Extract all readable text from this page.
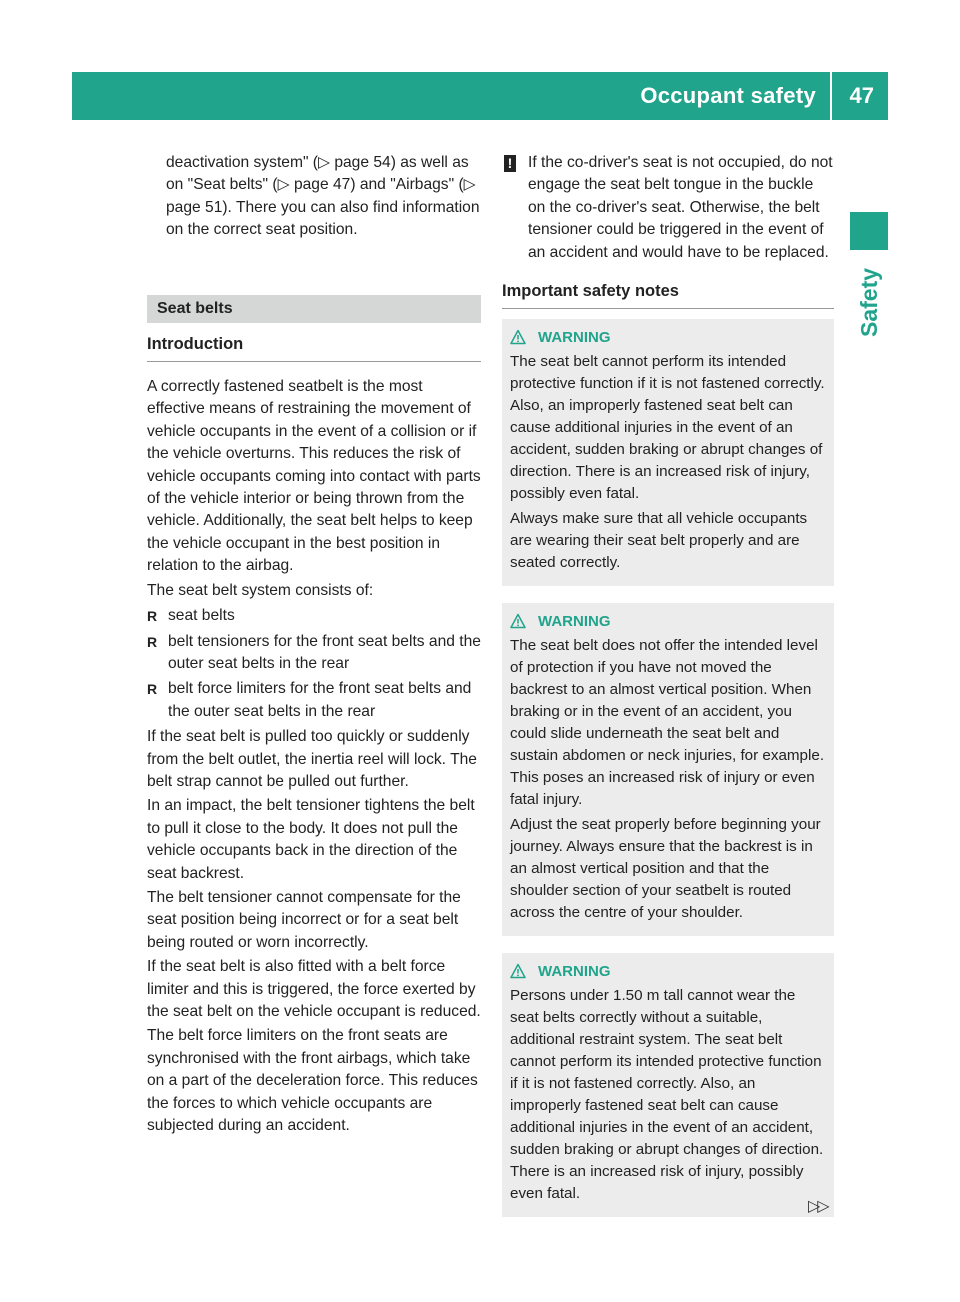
Occupant safety 47
Safety

deactivation system" (▷ page 54) as well as on "Seat belts" (▷ page 47) and "Airbags" (▷ page 51). There you can also find information on the correct seat position.

Seat belts
Introduction

A correctly fastened seatbelt is the most effective means of restraining the movement of vehicle occupants in the event of a collision or if the vehicle overturns. This reduces the risk of vehicle occupants coming into contact with parts of the vehicle interior or being thrown from the vehicle. Additionally, the seat belt helps to keep the vehicle occupant in the best position in relation to the airbag.

The seat belt system consists of:

R seat belts
R belt tensioners for the front seat belts and the outer seat belts in the rear
R belt force limiters for the front seat belts and the outer seat belts in the rear

If the seat belt is pulled too quickly or suddenly from the belt outlet, the inertia reel will lock. The belt strap cannot be pulled out further.

In an impact, the belt tensioner tightens the belt to pull it close to the body. It does not pull the vehicle occupants back in the direction of the seat backrest.

The belt tensioner cannot compensate for the seat position being incorrect or for a seat belt being routed or worn incorrectly.

If the seat belt is also fitted with a belt force limiter and this is triggered, the force exerted by the seat belt on the vehicle occupant is reduced.

The belt force limiters on the front seats are synchronised with the front airbags, which take on a part of the deceleration force. This reduces the forces to which vehicle occupants are subjected during an accident.

! If the co-driver's seat is not occupied, do not engage the seat belt tongue in the buckle on the co-driver's seat. Otherwise, the belt tensioner could be triggered in the event of an accident and would have to be replaced.
Important safety notes
WARNING

The seat belt cannot perform its intended protective function if it is not fastened correctly. Also, an improperly fastened seat belt can cause additional injuries in the event of an accident, sudden braking or abrupt changes of direction. There is an increased risk of injury, possibly even fatal.

Always make sure that all vehicle occupants are wearing their seat belt properly and are seated correctly.

WARNING

The seat belt does not offer the intended level of protection if you have not moved the backrest to an almost vertical position. When braking or in the event of an accident, you could slide underneath the seat belt and sustain abdomen or neck injuries, for example. This poses an increased risk of injury or even fatal injury.

Adjust the seat properly before beginning your journey. Always ensure that the backrest is in an almost vertical position and that the shoulder section of your seatbelt is routed across the centre of your shoulder.

WARNING

Persons under 1.50 m tall cannot wear the seat belts correctly without a suitable, additional restraint system. The seat belt cannot perform its intended protective function if it is not fastened correctly. Also, an improperly fastened seat belt can cause additional injuries in the event of an accident, sudden braking or abrupt changes of direction. There is an increased risk of injury, possibly even fatal.

▷▷
